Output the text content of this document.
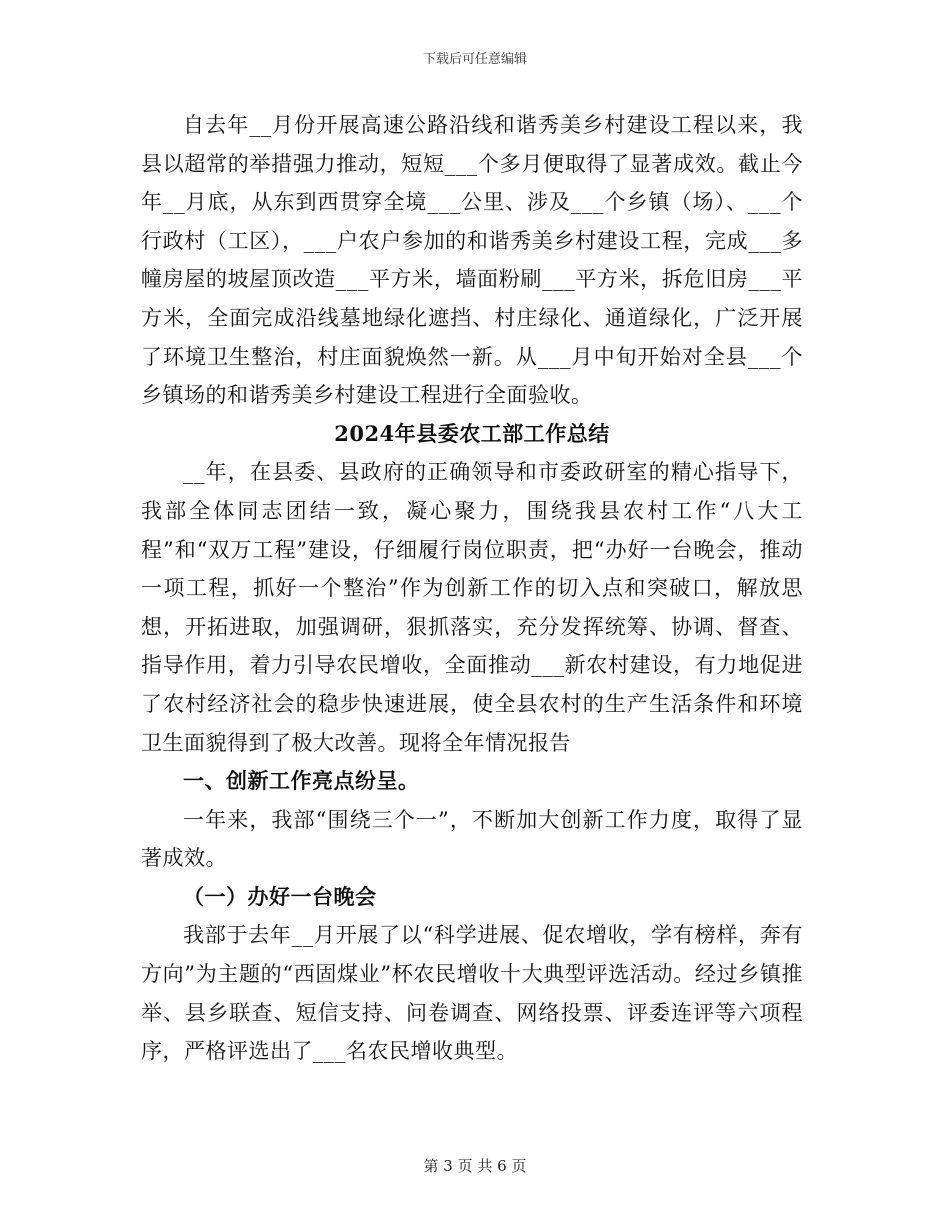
下载后可任意编辑

自去年__月份开展高速公路沿线和谐秀美乡村建设工程以来，我县以超常的举措强力推动，短短___个多月便取得了显著成效。截止今年__月底，从东到西贯穿全境___公里、涉及___个乡镇（场）、___个行政村（工区），___户农户参加的和谐秀美乡村建设工程，完成___多幢房屋的坡屋顶改造___平方米，墙面粉刷___平方米，拆危旧房___平方米，全面完成沿线墓地绿化遮挡、村庄绿化、通道绿化，广泛开展了环境卫生整治，村庄面貌焕然一新。从___月中旬开始对全县___个乡镇场的和谐秀美乡村建设工程进行全面验收。

2024年县委农工部工作总结

__年，在县委、县政府的正确领导和市委政研室的精心指导下，我部全体同志团结一致，凝心聚力，围绕我县农村工作“八大工程”和“双万工程”建设，仔细履行岗位职责，把“办好一台晚会，推动一项工程，抓好一个整治”作为创新工作的切入点和突破口，解放思想，开拓进取，加强调研，狠抓落实，充分发挥统筹、协调、督查、指导作用，着力引导农民增收，全面推动___新农村建设，有力地促进了农村经济社会的稳步快速进展，使全县农村的生产生活条件和环境卫生面貌得到了极大改善。现将全年情况报告

一、创新工作亮点纷呈。

一年来，我部“围绕三个一”，不断加大创新工作力度，取得了显著成效。

（一）办好一台晚会

我部于去年__月开展了以“科学进展、促农增收，学有榜样，奔有方向”为主题的“西固煤业”杯农民增收十大典型评选活动。经过乡镇推举、县乡联查、短信支持、问卷调查、网络投票、评委连评等六项程序，严格评选出了___名农民增收典型。

第 3 页 共 6 页
